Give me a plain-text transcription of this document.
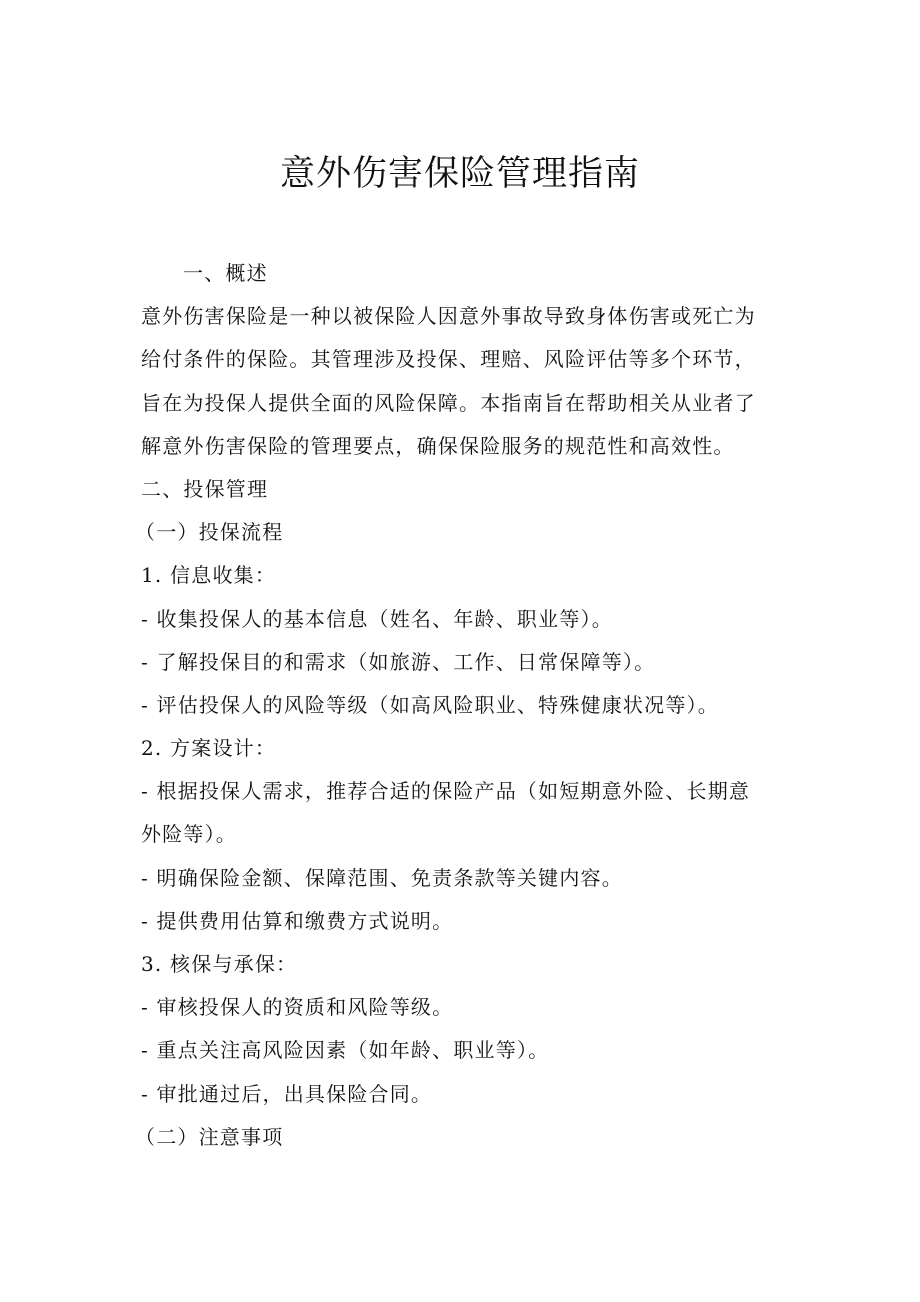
意外伤害保险管理指南
一、概述
意外伤害保险是一种以被保险人因意外事故导致身体伤害或死亡为
给付条件的保险。其管理涉及投保、理赔、风险评估等多个环节，
旨在为投保人提供全面的风险保障。本指南旨在帮助相关从业者了
解意外伤害保险的管理要点，确保保险服务的规范性和高效性。
二、投保管理
（一）投保流程
1. 信息收集：
- 收集投保人的基本信息（姓名、年龄、职业等）。
- 了解投保目的和需求（如旅游、工作、日常保障等）。
- 评估投保人的风险等级（如高风险职业、特殊健康状况等）。
2. 方案设计：
- 根据投保人需求，推荐合适的保险产品（如短期意外险、长期意
外险等）。
- 明确保险金额、保障范围、免责条款等关键内容。
- 提供费用估算和缴费方式说明。
3. 核保与承保：
- 审核投保人的资质和风险等级。
- 重点关注高风险因素（如年龄、职业等）。
- 审批通过后，出具保险合同。
（二）注意事项
